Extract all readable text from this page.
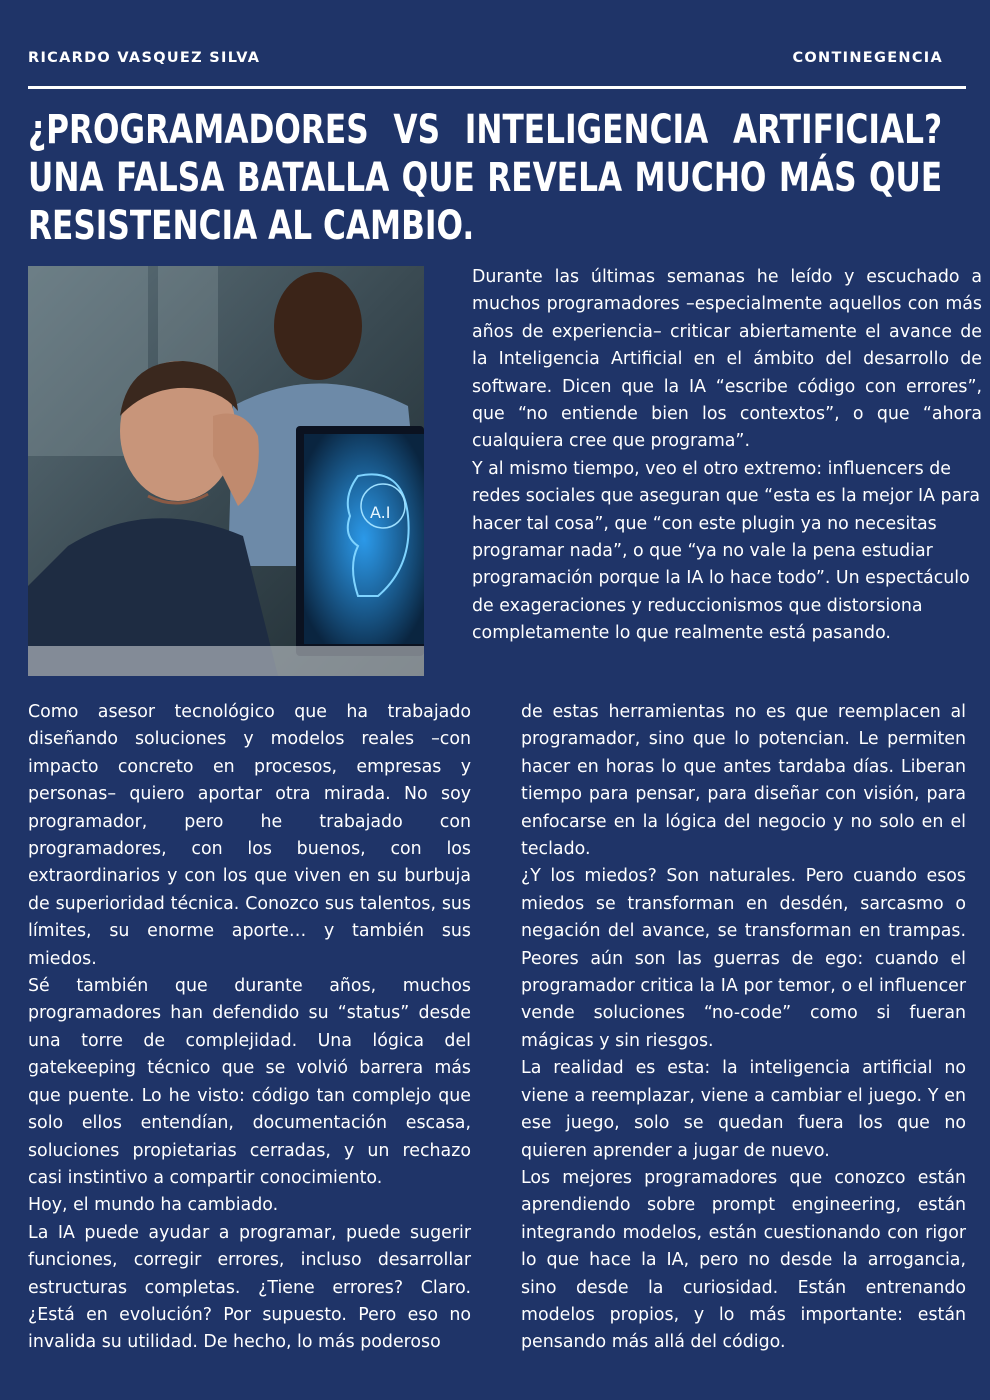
RICARDO VASQUEZ SILVA	CONTINEGENCIA
¿PROGRAMADORES VS INTELIGENCIA ARTIFICIAL? UNA FALSA BATALLA QUE REVELA MUCHO MÁS QUE RESISTENCIA AL CAMBIO.
A.I

Durante las últimas semanas he leído y escuchado a muchos programadores –especialmente aquellos con más años de experiencia– criticar abiertamente el avance de la Inteligencia Artificial en el ámbito del desarrollo de software. Dicen que la IA “escribe código con errores”, que “no entiende bien los contextos”, o que “ahora cualquiera cree que programa”.

Y al mismo tiempo, veo el otro extremo: influencers de redes sociales que aseguran que “esta es la mejor IA para hacer tal cosa”, que “con este plugin ya no necesitas programar nada”, o que “ya no vale la pena estudiar programación porque la IA lo hace todo”. Un espectáculo de exageraciones y reduccionismos que distorsiona completamente lo que realmente está pasando.

Como asesor tecnológico que ha trabajado diseñando soluciones y modelos reales –con impacto concreto en procesos, empresas y personas– quiero aportar otra mirada. No soy programador, pero he trabajado con programadores, con los buenos, con los extraordinarios y con los que viven en su burbuja de superioridad técnica. Conozco sus talentos, sus límites, su enorme aporte… y también sus miedos.

Sé también que durante años, muchos programadores han defendido su “status” desde una torre de complejidad. Una lógica del gatekeeping técnico que se volvió barrera más que puente. Lo he visto: código tan complejo que solo ellos entendían, documentación escasa, soluciones propietarias cerradas, y un rechazo casi instintivo a compartir conocimiento.

Hoy, el mundo ha cambiado.

La IA puede ayudar a programar, puede sugerir funciones, corregir errores, incluso desarrollar estructuras completas. ¿Tiene errores? Claro. ¿Está en evolución? Por supuesto. Pero eso no invalida su utilidad. De hecho, lo más poderoso

de estas herramientas no es que reemplacen al programador, sino que lo potencian. Le permiten hacer en horas lo que antes tardaba días. Liberan tiempo para pensar, para diseñar con visión, para enfocarse en la lógica del negocio y no solo en el teclado.

¿Y los miedos? Son naturales. Pero cuando esos miedos se transforman en desdén, sarcasmo o negación del avance, se transforman en trampas. Peores aún son las guerras de ego: cuando el programador critica la IA por temor, o el influencer vende soluciones “no-code” como si fueran mágicas y sin riesgos.

La realidad es esta: la inteligencia artificial no viene a reemplazar, viene a cambiar el juego. Y en ese juego, solo se quedan fuera los que no quieren aprender a jugar de nuevo.

Los mejores programadores que conozco están aprendiendo sobre prompt engineering, están integrando modelos, están cuestionando con rigor lo que hace la IA, pero no desde la arrogancia, sino desde la curiosidad. Están entrenando modelos propios, y lo más importante: están pensando más allá del código.
